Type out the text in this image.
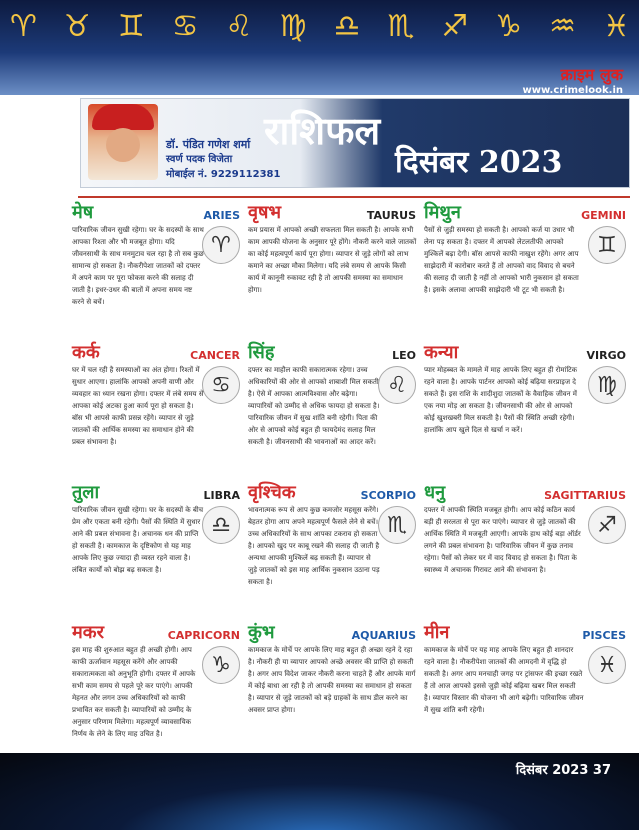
♈ ♉ ♊ ♋ ♌ ♍ ♎ ♏ ♐ ♑ ♒ ♓
क्राइम लुक
www.crimelook.in
डॉ. पंडित गणेश शर्मा
स्वर्ण पदक विजेता
मोबाईल नं. 9229112381
राशिफल
दिसंबर 2023
मेष	ARIES
♈
पारिवारिक जीवन सुखी रहेगा। घर के सदस्यों के साथ आपका रिश्ता और भी मजबूत होगा। यदि जीवनसाथी के साथ मनमुटाव चल रहा है तो सब कुछ सामान्य हो सकता है। नौकरीपेशा जातकों को दफ्तर में अपने काम पर पूरा फोकस करने की सलाह दी जाती है। इधर-उधर की बातों में अपना समय नष्ट करने से बचें।
वृषभ	TAURUS
कम प्रयास में आपको अच्छी सफलता मिल सकती है। आपके सभी काम आपकी योजना के अनुसार पूरे होंगे। नौकरी करने वाले जातकों का कोई महत्वपूर्ण कार्य पूरा होगा। व्यापार से जुड़े लोगों को लाभ कमाने का अच्छा मौका मिलेगा। यदि लंबे समय से आपके किसी कार्य में कानूनी रुकावट रही है तो आपकी समस्या का समाधान होगा।
मिथुन	GEMINI
♊
पैसों से जुड़ी समस्या हो सकती है। आपको कर्ज या उधार भी लेना पड़ सकता है। दफ्तर में आपको लेटलतीफी आपको मुश्किलें बढ़ा देगी। बॉस आपसे काफी नाखुश रहेंगे। अगर आप साझेदारी में कारोबार करते हैं तो आपको वाद विवाद से बचने की सलाह दी जाती है नहीं तो आपको भारी नुकसान हो सकता है। इसके अलावा आपकी साझेदारी भी टूट भी सकती है।
कर्क	CANCER
♋
घर में चल रही है समस्याओं का अंत होगा। रिश्तों में सुधार आएगा। हालांकि आपको अपनी वाणी और व्यवहार का ध्यान रखना होगा। दफ्तर में लंबे समय से आपका कोई अटका हुआ कार्य पूरा हो सकता है। बॉस भी आपसे काफी प्रसन्न रहेंगे। व्यापार से जुड़े जातकों की आर्थिक समस्या का समाधान होने की प्रबल संभावना है।
सिंह	LEO
♌
दफ्तर का माहौल काफी सकारात्मक रहेगा। उच्च अधिकारियों की ओर से आपको शाबाशी मिल सकती है। ऐसे में आपका आत्मविश्वास और बढ़ेगा। व्यापारियों को उम्मीद से अधिक फायदा हो सकता है। पारिवारिक जीवन में सुख शांति बनी रहेगी। पिता की ओर से आपको कोई बहुत ही फायदेमंद सलाह मिल सकती है। जीवनसाथी की भावनाओं का आदर करें।
कन्या	VIRGO
♍
प्यार मोहब्बत के मामले में माह आपके लिए बहुत ही रोमांटिक रहने वाला है। आपके पार्टनर आपको कोई बढ़िया सरप्राइज दे सकते हैं। इस राशि के शादीशुदा जातकों के वैवाहिक जीवन में एक नया मोड़ आ सकता है। जीवनसाथी की ओर से आपको कोई खुशखबरी मिल सकती है। पैसों की स्थिति अच्छी रहेगी। हालांकि आप खुले दिल से खर्चा न करें।
तुला	LIBRA
♎
पारिवारिक जीवन सुखी रहेगा। घर के सदस्यों के बीच प्रेम और एकता बनी रहेगी। पैसों की स्थिति में सुधार आने की प्रबल संभावना है। अचानक धन की प्राप्ति हो सकती है। कामकाज के दृष्टिकोण से यह माह आपके लिए कुछ ज्यादा ही व्यस्त रहने वाला है। लंबित कार्यों को बोझ बढ़ सकता है।
वृश्चिक	SCORPIO
♏
भावनात्मक रूप से आप कुछ कमजोर महसूस करेंगे। बेहतर होगा आप अपने महत्वपूर्ण फैसले लेने से बचें। उच्च अधिकारियों के साथ आपका टकराव हो सकता है। आपको खुद पर काबू रखने की सलाह दी जाती है अन्यथा आपकी मुश्किलें बढ़ सकती हैं। व्यापार से जुड़े जातकों को इस माह आर्थिक नुकसान उठाना पड़ सकता है।
धनु	SAGITTARIUS
♐
दफ्तर में आपकी स्थिति मजबूत होगी। आप कोई कठिन कार्य बड़ी ही सरलता से पूरा कर पाएंगे। व्यापार से जुड़े जातकों की आर्थिक स्थिति में मजबूती आएगी। आपके हाथ कोई बड़ा ऑर्डर लगने की प्रबल संभावना है। पारिवारिक जीवन में कुछ तनाव रहेगा। पैसों को लेकर घर में वाद विवाद हो सकता है। पिता के स्वास्थ्य में अचानक गिरावट आने की संभावना है।
मकर	CAPRICORN
♑
इस माह की शुरुआत बहुत ही अच्छी होगी। आप काफी ऊर्जावान महसूस करेंगे और आपकी सकारात्मकता को अनुभूति होगी। दफ्तर में आपके सभी काम समय से पहले पूरे कर पाएंगे। आपकी मेहनत और लगन उच्च अधिकारियों को काफी प्रभावित कर सकती है। व्यापारियों को उम्मीद के अनुसार परिणाम मिलेगा। महत्वपूर्ण व्यावसायिक निर्णय के लेने के लिए माह उचित है।
कुंभ	AQUARIUS
कामकाज के मोर्चे पर आपके लिए माह बहुत ही अच्छा रहने दे रहा है। नौकरी ही या व्यापार आपको अच्छे अवसर की प्राप्ति हो सकती है। अगर आप विदेश जाकर नौकरी करना चाहते हैं और आपके मार्ग में कोई बाधा आ रही है तो आपकी समस्या का समाधान हो सकता है। व्यापार से जुड़े जातकों को बड़े ग्राहकों के साथ डील करने का अवसर प्राप्त होगा।
मीन	PISCES
♓
कामकाज के मोर्चे पर यह माह आपके लिए बहुत ही शानदार रहने वाला है। नौकरीपेशा जातकों की आमदनी में वृद्धि हो सकती है। अगर आप मनचाही जगह पर ट्रांसफर की इच्छा रखते हैं तो आज आपको इससे जुड़ी कोई बढ़िया खबर मिल सकती है। व्यापार विस्तार की योजना भी आगे बढ़ेगी। पारिवारिक जीवन में सुख शांति बनी रहेगी।
दिसंबर 2023 37
